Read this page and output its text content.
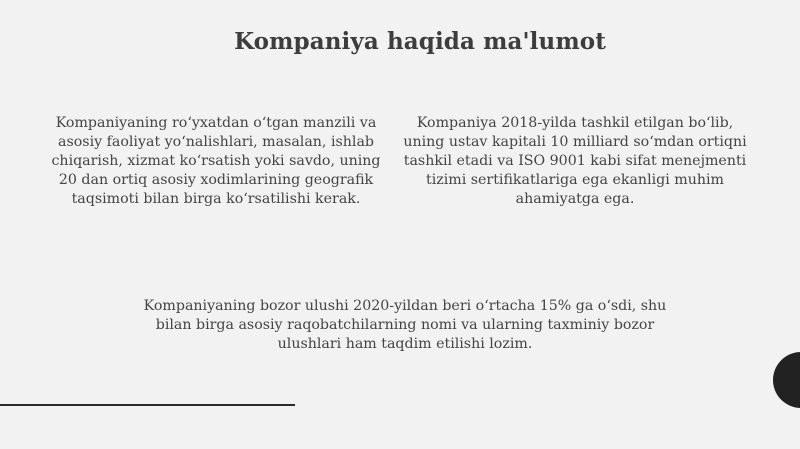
Kompaniya haqida ma'lumot

Kompaniyaning roʻyxatdan oʻtgan manzili va asosiy faoliyat yoʻnalishlari, masalan, ishlab chiqarish, xizmat koʻrsatish yoki savdo, uning 20 dan ortiq asosiy xodimlarining geografik taqsimoti bilan birga koʻrsatilishi kerak.

Kompaniya 2018-yilda tashkil etilgan boʻlib, uning ustav kapitali 10 milliard soʻmdan ortiqni tashkil etadi va ISO 9001 kabi sifat menejmenti tizimi sertifikatlariga ega ekanligi muhim ahamiyatga ega.

Kompaniyaning bozor ulushi 2020-yildan beri oʻrtacha 15% ga oʻsdi, shu bilan birga asosiy raqobatchilarning nomi va ularning taxminiy bozor ulushlari ham taqdim etilishi lozim.
